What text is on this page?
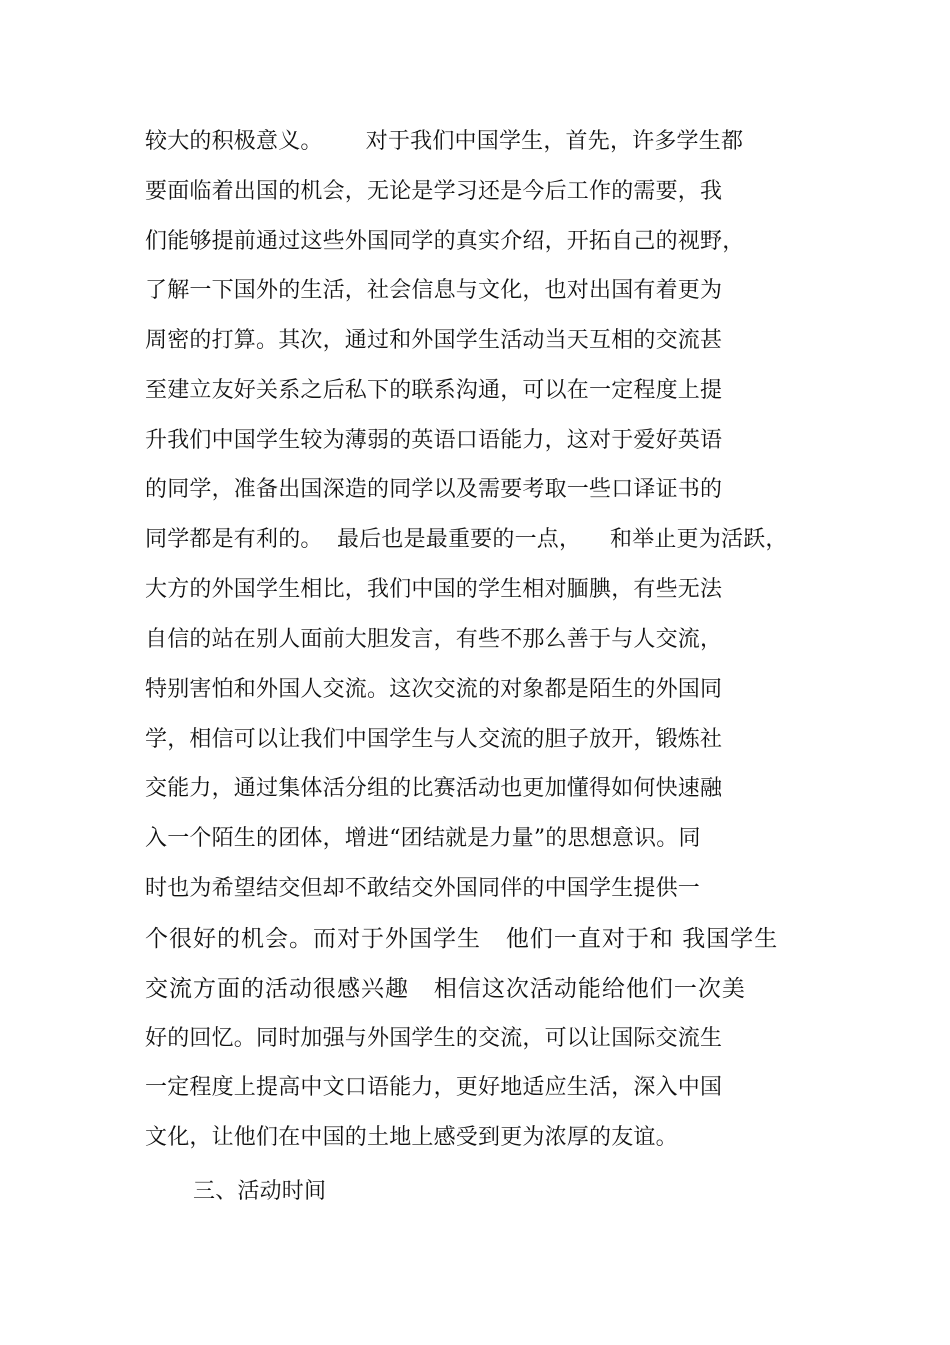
较大的积极意义。      对于我们中国学生，首先，许多学生都
要面临着出国的机会，无论是学习还是今后工作的需要，我
们能够提前通过这些外国同学的真实介绍，开拓自己的视野，
了解一下国外的生活，社会信息与文化，也对出国有着更为
周密的打算。其次，通过和外国学生活动当天互相的交流甚
至建立友好关系之后私下的联系沟通，可以在一定程度上提
升我们中国学生较为薄弱的英语口语能力，这对于爱好英语
的同学，准备出国深造的同学以及需要考取一些口译证书的
同学都是有利的。  最后也是最重要的一点，    和举止更为活跃，
大方的外国学生相比，我们中国的学生相对腼腆，有些无法
自信的站在别人面前大胆发言，有些不那么善于与人交流，
特别害怕和外国人交流。这次交流的对象都是陌生的外国同
学，相信可以让我们中国学生与人交流的胆子放开，锻炼社
交能力，通过集体活分组的比赛活动也更加懂得如何快速融
入一个陌生的团体，增进“团结就是力量”的思想意识。同
时也为希望结交但却不敢结交外国同伴的中国学生提供一
个很好的机会。而对于外国学生   他们一直对于和 我国学生
交流方面的活动很感兴趣   相信这次活动能给他们一次美
好的回忆。同时加强与外国学生的交流，可以让国际交流生
一定程度上提高中文口语能力，更好地适应生活，深入中国
文化，让他们在中国的土地上感受到更为浓厚的友谊。
三、活动时间
